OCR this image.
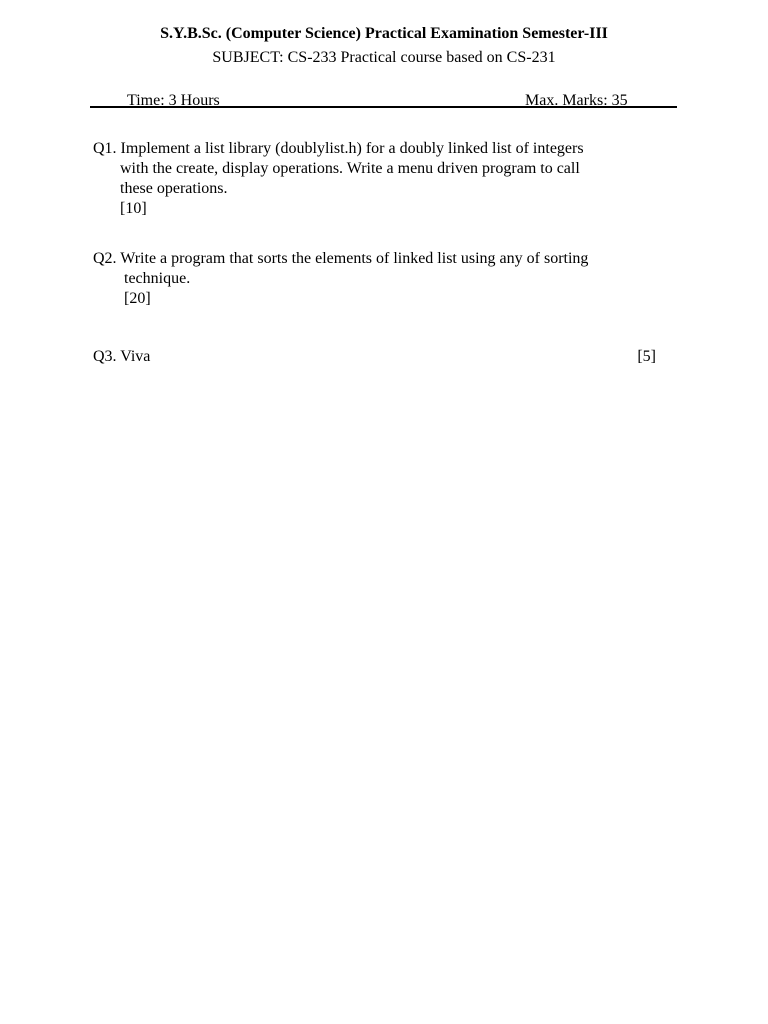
S.Y.B.Sc. (Computer Science) Practical Examination Semester-III
SUBJECT: CS-233 Practical course based on CS-231
Time: 3 Hours	Max. Marks: 35
Q1. Implement a list library (doublylist.h) for a doubly linked list of integers
with the create, display operations. Write a menu driven program to call
these operations.
[10]
Q2. Write a program that sorts the elements of linked list using any of sorting
technique.
[20]
Q3. Viva	[5]
